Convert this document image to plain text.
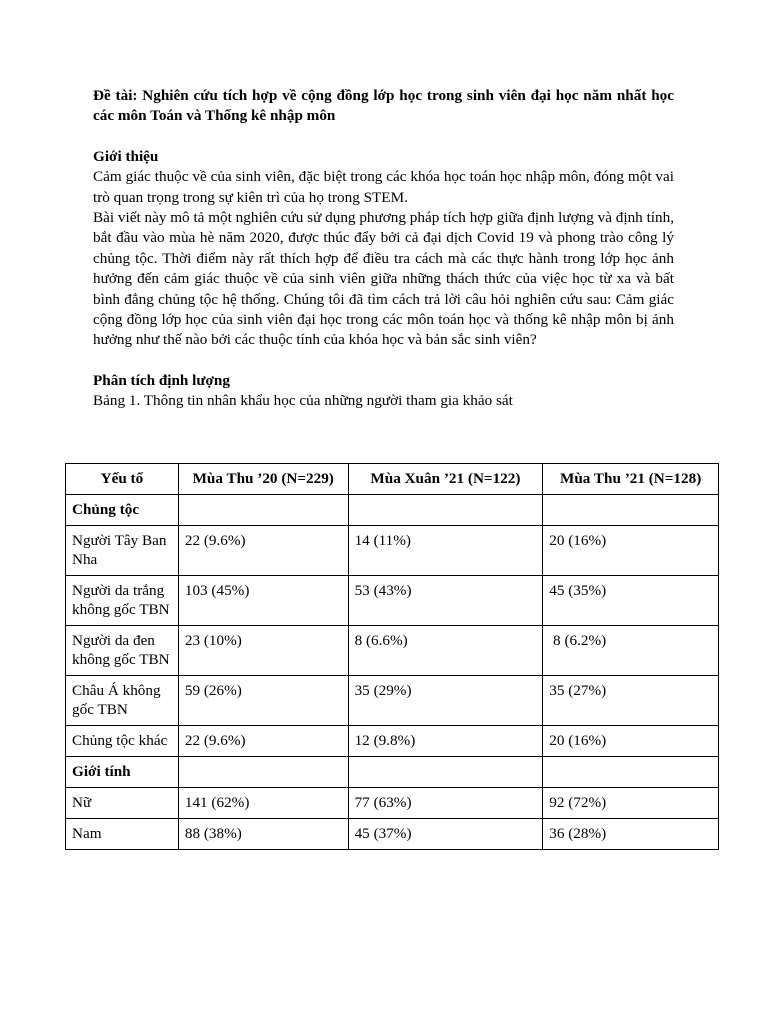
Đề tài: Nghiên cứu tích hợp về cộng đồng lớp học trong sinh viên đại học năm nhất học các môn Toán và Thống kê nhập môn

Giới thiệu

Cảm giác thuộc về của sinh viên, đặc biệt trong các khóa học toán học nhập môn, đóng một vai trò quan trọng trong sự kiên trì của họ trong STEM.

Bài viết này mô tả một nghiên cứu sử dụng phương pháp tích hợp giữa định lượng và định tính, bắt đầu vào mùa hè năm 2020, được thúc đẩy bởi cả đại dịch Covid 19 và phong trào công lý chủng tộc. Thời điểm này rất thích hợp để điều tra cách mà các thực hành trong lớp học ảnh hưởng đến cảm giác thuộc về của sinh viên giữa những thách thức của việc học từ xa và bất bình đẳng chủng tộc hệ thống. Chúng tôi đã tìm cách trả lời câu hỏi nghiên cứu sau: Cảm giác cộng đồng lớp học của sinh viên đại học trong các môn toán học và thống kê nhập môn bị ảnh hưởng như thế nào bởi các thuộc tính của khóa học và bản sắc sinh viên?

Phân tích định lượng

Bảng 1. Thông tin nhân khẩu học của những người tham gia khảo sát

Yếu tố	Mùa Thu ’20 (N=229)	Mùa Xuân ’21 (N=122)	Mùa Thu ’21 (N=128)
Chủng tộc			
Người Tây Ban Nha	22 (9.6%)	14 (11%)	20 (16%)
Người da trắng không gốc TBN	103 (45%)	53 (43%)	45 (35%)
Người da đen không gốc TBN	23 (10%)	8 (6.6%)	8 (6.2%)
Châu Á không gốc TBN	59 (26%)	35 (29%)	35 (27%)
Chủng tộc khác	22 (9.6%)	12 (9.8%)	20 (16%)
Giới tính			
Nữ	141 (62%)	77 (63%)	92 (72%)
Nam	88 (38%)	45 (37%)	36 (28%)
